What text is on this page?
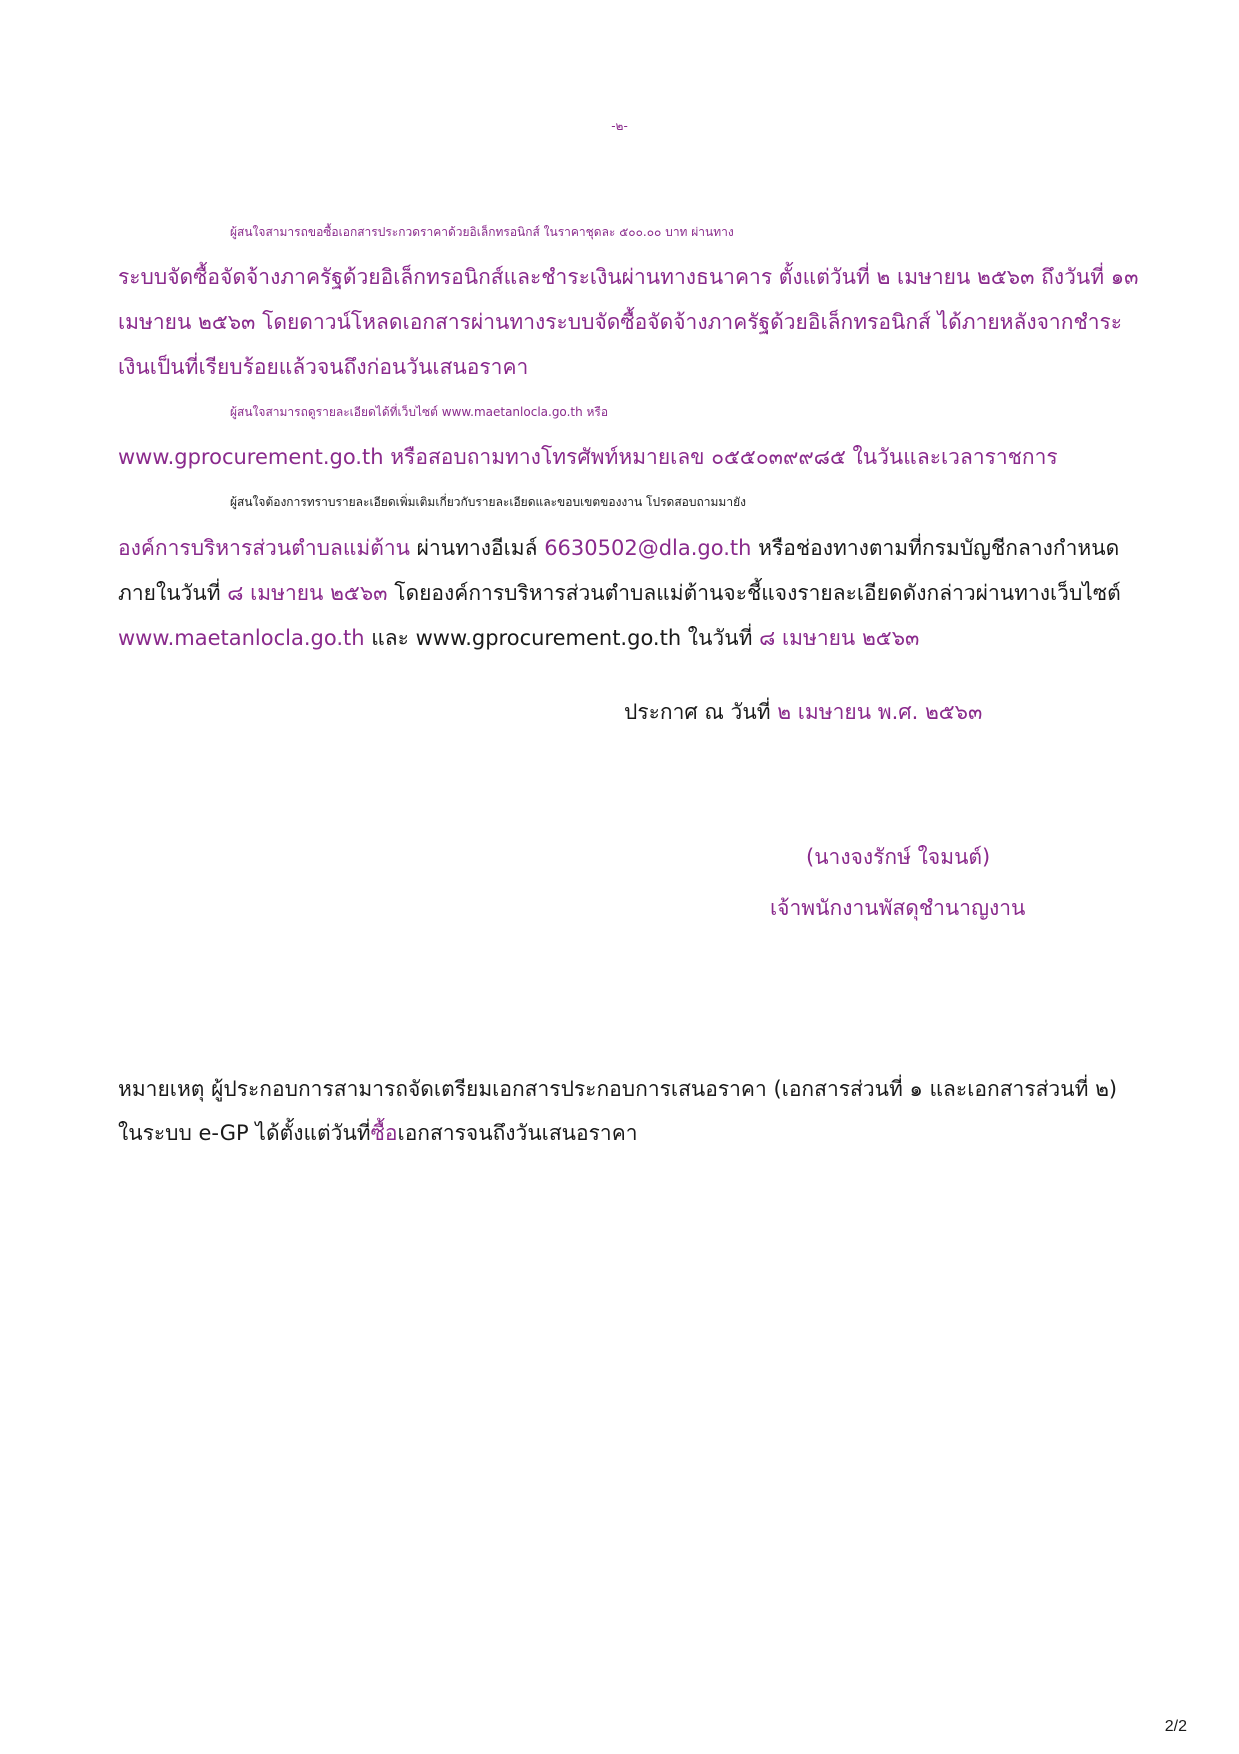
-๒-
ผู้สนใจสามารถขอซื้อเอกสารประกวดราคาด้วยอิเล็กทรอนิกส์ ในราคาชุดละ ๕๐๐.๐๐ บาท ผ่านทาง
ระบบจัดซื้อจัดจ้างภาครัฐด้วยอิเล็กทรอนิกส์และชำระเงินผ่านทางธนาคาร ตั้งแต่วันที่ ๒ เมษายน ๒๕๖๓ ถึงวันที่ ๑๓
เมษายน ๒๕๖๓ โดยดาวน์โหลดเอกสารผ่านทางระบบจัดซื้อจัดจ้างภาครัฐด้วยอิเล็กทรอนิกส์ ได้ภายหลังจากชำระ
เงินเป็นที่เรียบร้อยแล้วจนถึงก่อนวันเสนอราคา
ผู้สนใจสามารถดูรายละเอียดได้ที่เว็บไซต์ www.maetanlocla.go.th หรือ
www.gprocurement.go.th หรือสอบถามทางโทรศัพท์หมายเลข ๐๕๕๐๓๙๙๘๕ ในวันและเวลาราชการ
ผู้สนใจต้องการทราบรายละเอียดเพิ่มเติมเกี่ยวกับรายละเอียดและขอบเขตของงาน โปรดสอบถามมายัง
องค์การบริหารส่วนตำบลแม่ต้าน ผ่านทางอีเมล์ 6630502@dla.go.th หรือช่องทางตามที่กรมบัญชีกลางกำหนด
ภายในวันที่ ๘ เมษายน ๒๕๖๓ โดยองค์การบริหารส่วนตำบลแม่ต้านจะชี้แจงรายละเอียดดังกล่าวผ่านทางเว็บไซต์
www.maetanlocla.go.th และ www.gprocurement.go.th ในวันที่ ๘ เมษายน ๒๕๖๓
ประกาศ ณ วันที่ ๒ เมษายน พ.ศ. ๒๕๖๓
(นางจงรักษ์ ใจมนต์)
เจ้าพนักงานพัสดุชำนาญงาน
หมายเหตุ ผู้ประกอบการสามารถจัดเตรียมเอกสารประกอบการเสนอราคา (เอกสารส่วนที่ ๑ และเอกสารส่วนที่ ๒)
ในระบบ e-GP ได้ตั้งแต่วันที่ซื้อเอกสารจนถึงวันเสนอราคา
2/2
